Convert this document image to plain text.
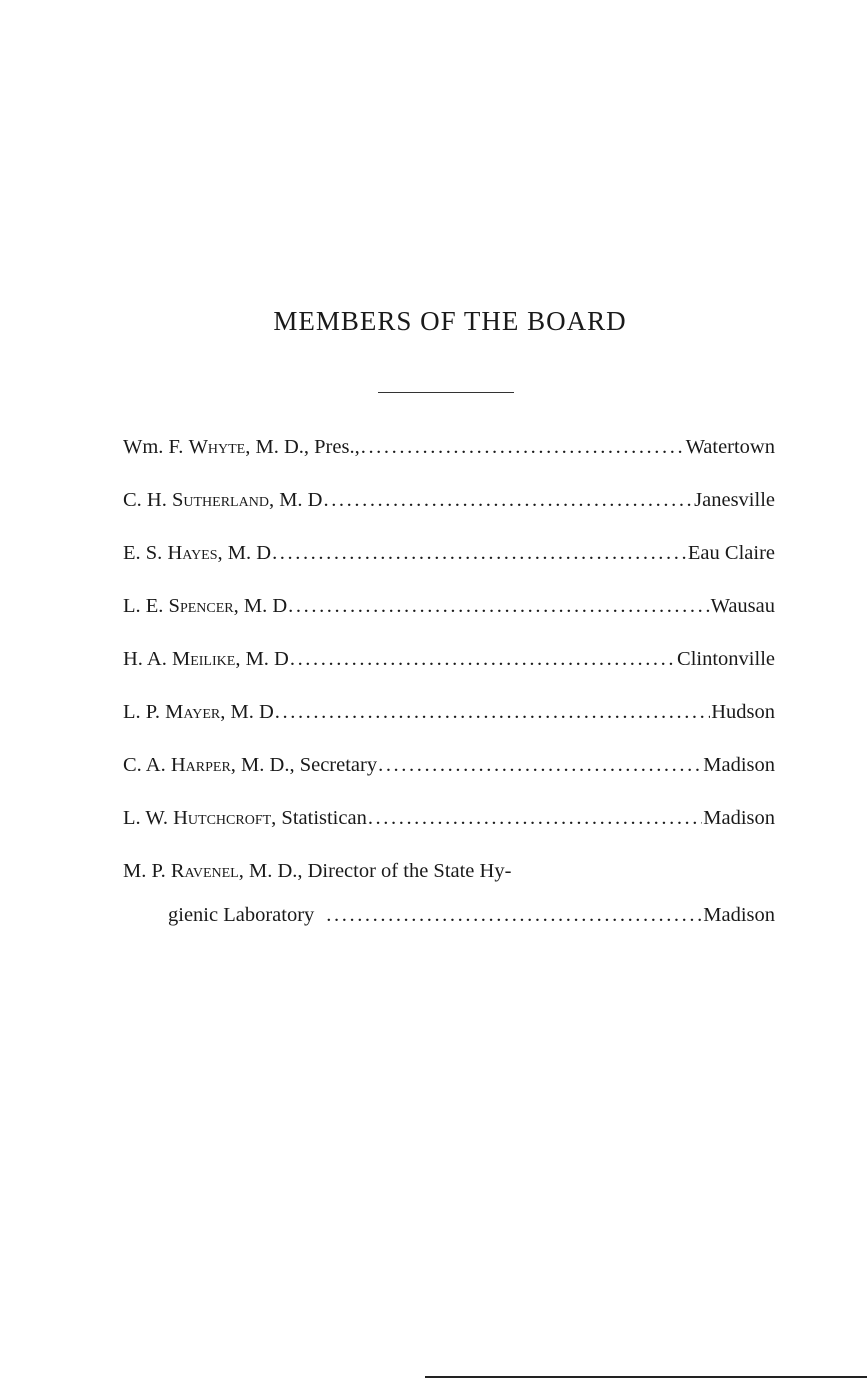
MEMBERS OF THE BOARD
Wm. F. Whyte, M. D., Pres., .....	Watertown
C. H. Sutherland, M. D .....	Janesville
E. S. Hayes, M. D .....	Eau Claire
L. E. Spencer, M. D .....	Wausau
H. A. Meilike, M. D .....	Clintonville
L. P. Mayer, M. D .....	Hudson
C. A. Harper, M. D., Secretary .....	Madison
L. W. Hutchcroft, Statistican .....	Madison
M. P. Ravenel, M. D., Director of the State Hy-
gienic Laboratory .....	Madison
